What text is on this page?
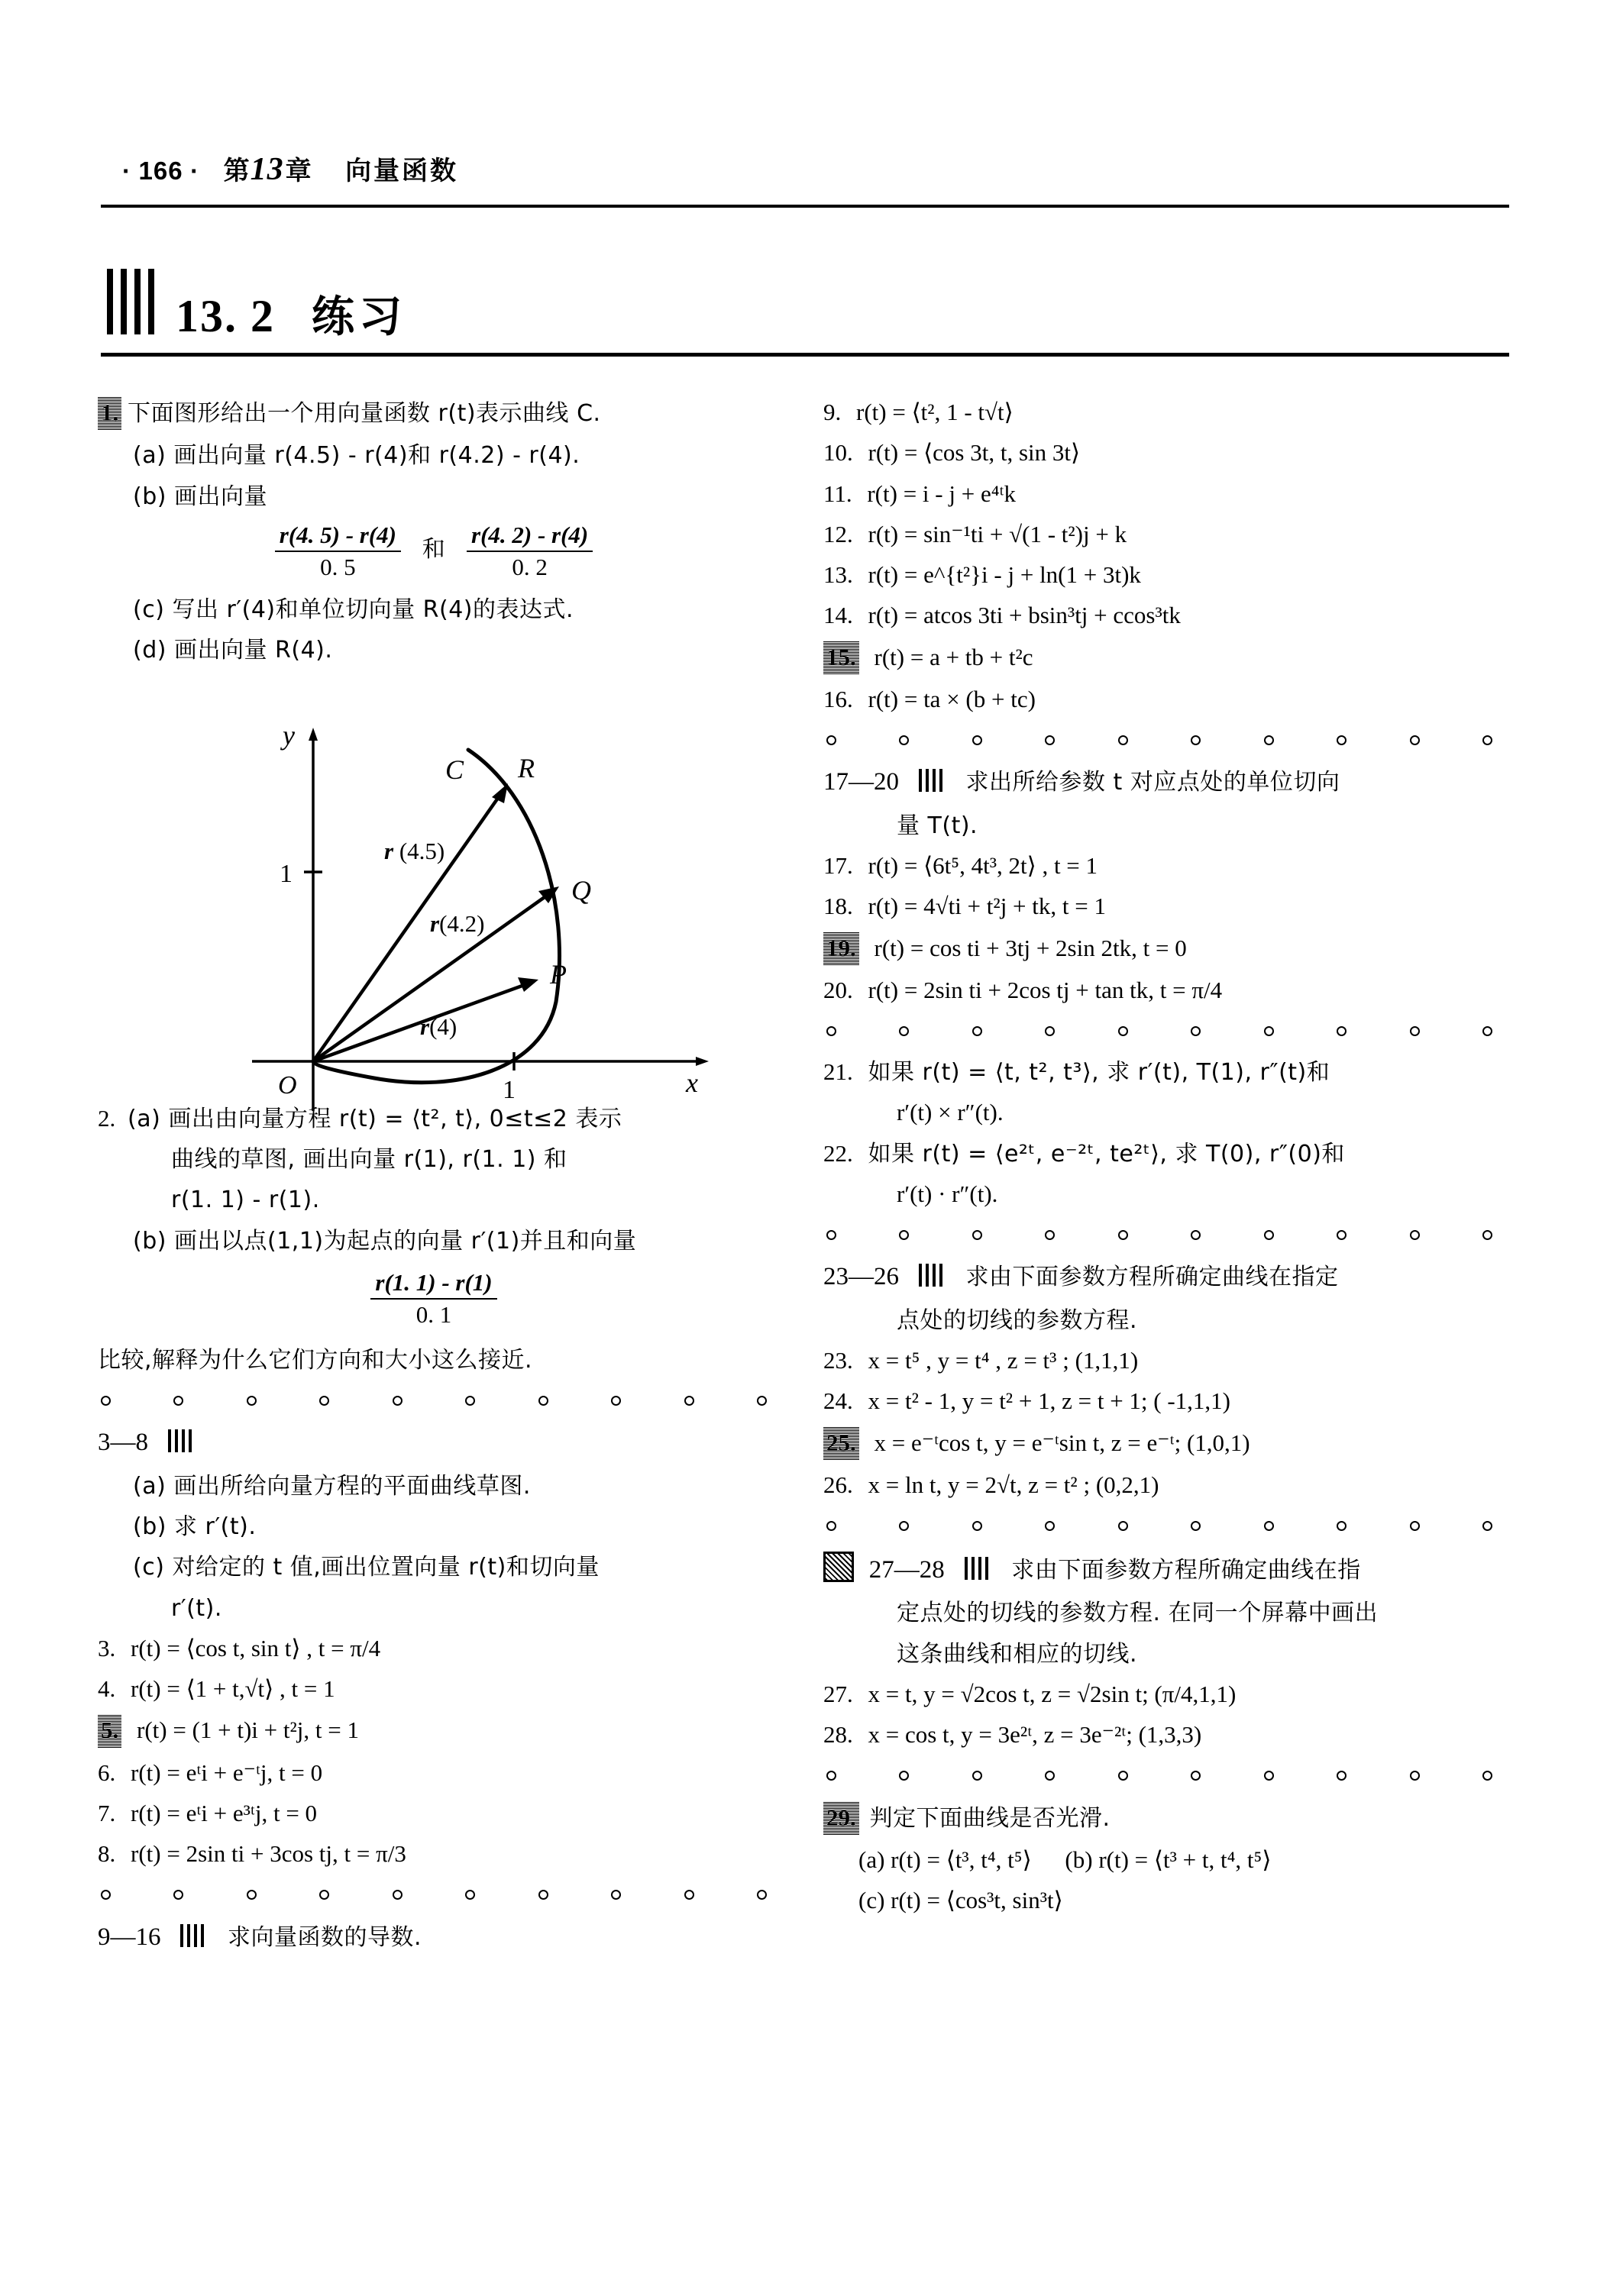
· 166 · 第13章 向量函数
13. 2 练习
1. 下面图形给出一个用向量函数 r(t)表示曲线 C.
(a) 画出向量 r(4.5) - r(4)和 r(4.2) - r(4).
(b) 画出向量
$\frac{r(4. 5) - r(4)}{0. 5}$ 和 $\frac{r(4. 2) - r(4)}{0. 2}$
(c) 写出 r′(4)和单位切向量 R(4)的表达式.
(d) 画出向量 R(4).
2. (a) 画出由向量方程 r(t) = ⟨t², t⟩, 0≤t≤2 表示
曲线的草图, 画出向量 r(1), r(1. 1) 和
r(1. 1) - r(1).
(b) 画出以点(1,1)为起点的向量 r′(1)并且和向量
$\frac{r(1. 1) - r(1)}{0. 1}$
比较,解释为什么它们方向和大小这么接近.
3—8
(a) 画出所给向量方程的平面曲线草图.
(b) 求 r′(t).
(c) 对给定的 t 值,画出位置向量 r(t)和切向量
r′(t).
3. r(t) = ⟨cos t, sin t⟩ , t = π/4
4. r(t) = ⟨1 + t,√t⟩ , t = 1
5. r(t) = (1 + t)i + t²j, t = 1
6. r(t) = eᵗi + e⁻ᵗj, t = 0
7. r(t) = eᵗi + e³ᵗj, t = 0
8. r(t) = 2sin ti + 3cos tj, t = π/3
9—16	求向量函数的导数.
y
x
O
1
1
C R
Q
P
r (4.5)
r(4.2)
r(4)
9. r(t) = ⟨t², 1 - t√t⟩
10. r(t) = ⟨cos 3t, t, sin 3t⟩
11. r(t) = i - j + e⁴ᵗk
12. r(t) = sin⁻¹ti + √(1 - t²)j + k
13. r(t) = e^{t²}i - j + ln(1 + 3t)k
14. r(t) = atcos 3ti + bsin³tj + ccos³tk
15. r(t) = a + tb + t²c
16. r(t) = ta × (b + tc)
17—20	求出所给参数 t 对应点处的单位切向
量 T(t).
17. r(t) = ⟨6t⁵, 4t³, 2t⟩ , t = 1
18. r(t) = 4√ti + t²j + tk, t = 1
19. r(t) = cos ti + 3tj + 2sin 2tk, t = 0
20. r(t) = 2sin ti + 2cos tj + tan tk, t = π/4
21. 如果 r(t) = ⟨t, t², t³⟩, 求 r′(t), T(1), r″(t)和
r′(t) × r″(t).
22. 如果 r(t) = ⟨e²ᵗ, e⁻²ᵗ, te²ᵗ⟩, 求 T(0), r″(0)和
r′(t) · r″(t).
23—26	求由下面参数方程所确定曲线在指定
点处的切线的参数方程.
23. x = t⁵ , y = t⁴ , z = t³ ; (1,1,1)
24. x = t² - 1, y = t² + 1, z = t + 1; ( -1,1,1)
25. x = e⁻ᵗcos t, y = e⁻ᵗsin t, z = e⁻ᵗ; (1,0,1)
26. x = ln t, y = 2√t, z = t² ; (0,2,1)
27—28	求由下面参数方程所确定曲线在指
定点处的切线的参数方程. 在同一个屏幕中画出
这条曲线和相应的切线.
27. x = t, y = √2cos t, z = √2sin t; (π/4,1,1)
28. x = cos t, y = 3e²ᵗ, z = 3e⁻²ᵗ; (1,3,3)
29. 判定下面曲线是否光滑.
(a) r(t) = ⟨t³, t⁴, t⁵⟩ (b) r(t) = ⟨t³ + t, t⁴, t⁵⟩
(c) r(t) = ⟨cos³t, sin³t⟩
